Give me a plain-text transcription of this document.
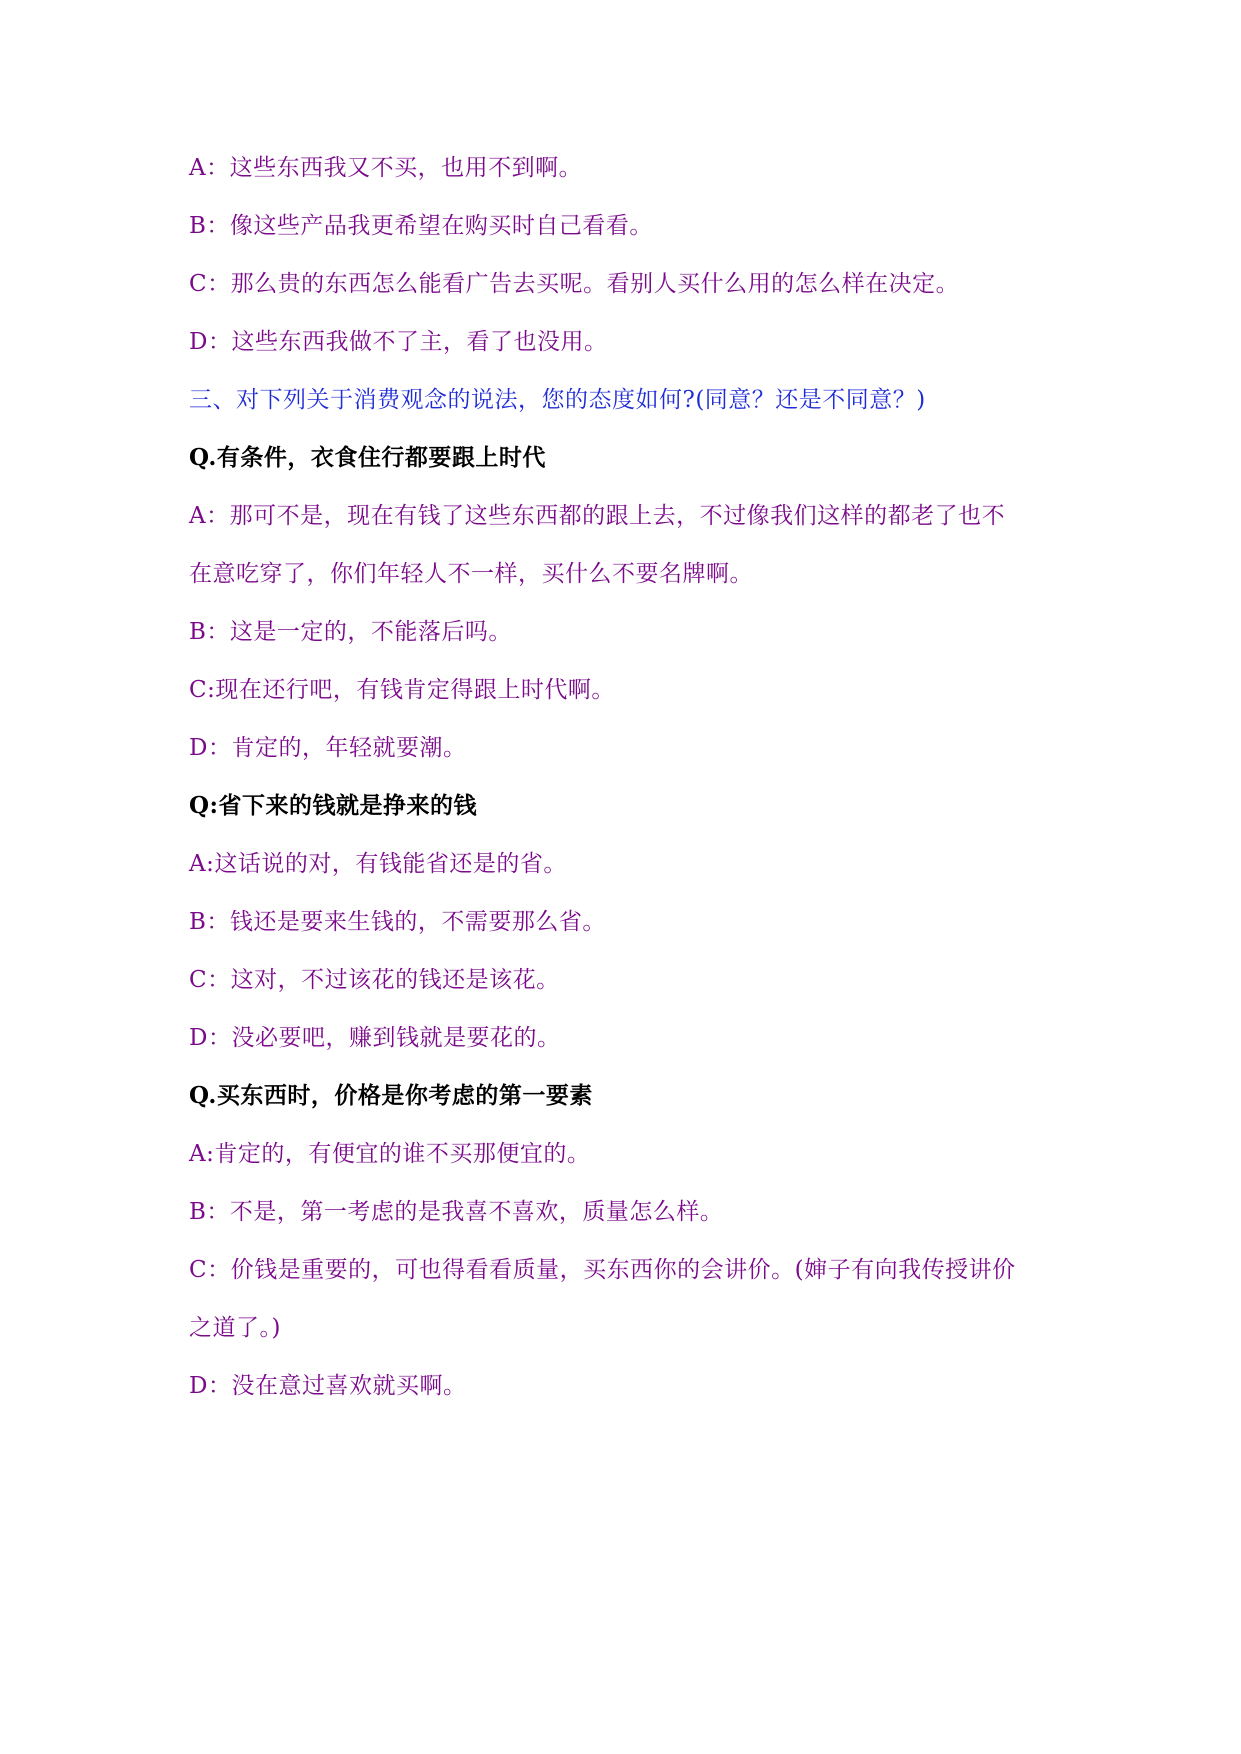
A：这些东西我又不买，也用不到啊。
B：像这些产品我更希望在购买时自己看看。
C：那么贵的东西怎么能看广告去买呢。看别人买什么用的怎么样在决定。
D：这些东西我做不了主，看了也没用。
三、对下列关于消费观念的说法，您的态度如何?(同意？还是不同意？)
Q.有条件，衣食住行都要跟上时代
A：那可不是，现在有钱了这些东西都的跟上去，不过像我们这样的都老了也不
在意吃穿了，你们年轻人不一样，买什么不要名牌啊。
B：这是一定的，不能落后吗。
C:现在还行吧，有钱肯定得跟上时代啊。
D：肯定的，年轻就要潮。
Q:省下来的钱就是挣来的钱
A:这话说的对，有钱能省还是的省。
B：钱还是要来生钱的，不需要那么省。
C：这对，不过该花的钱还是该花。
D：没必要吧，赚到钱就是要花的。
Q.买东西时，价格是你考虑的第一要素
A:肯定的，有便宜的谁不买那便宜的。
B：不是，第一考虑的是我喜不喜欢，质量怎么样。
C：价钱是重要的，可也得看看质量，买东西你的会讲价。(婶子有向我传授讲价
之道了。)
D：没在意过喜欢就买啊。
